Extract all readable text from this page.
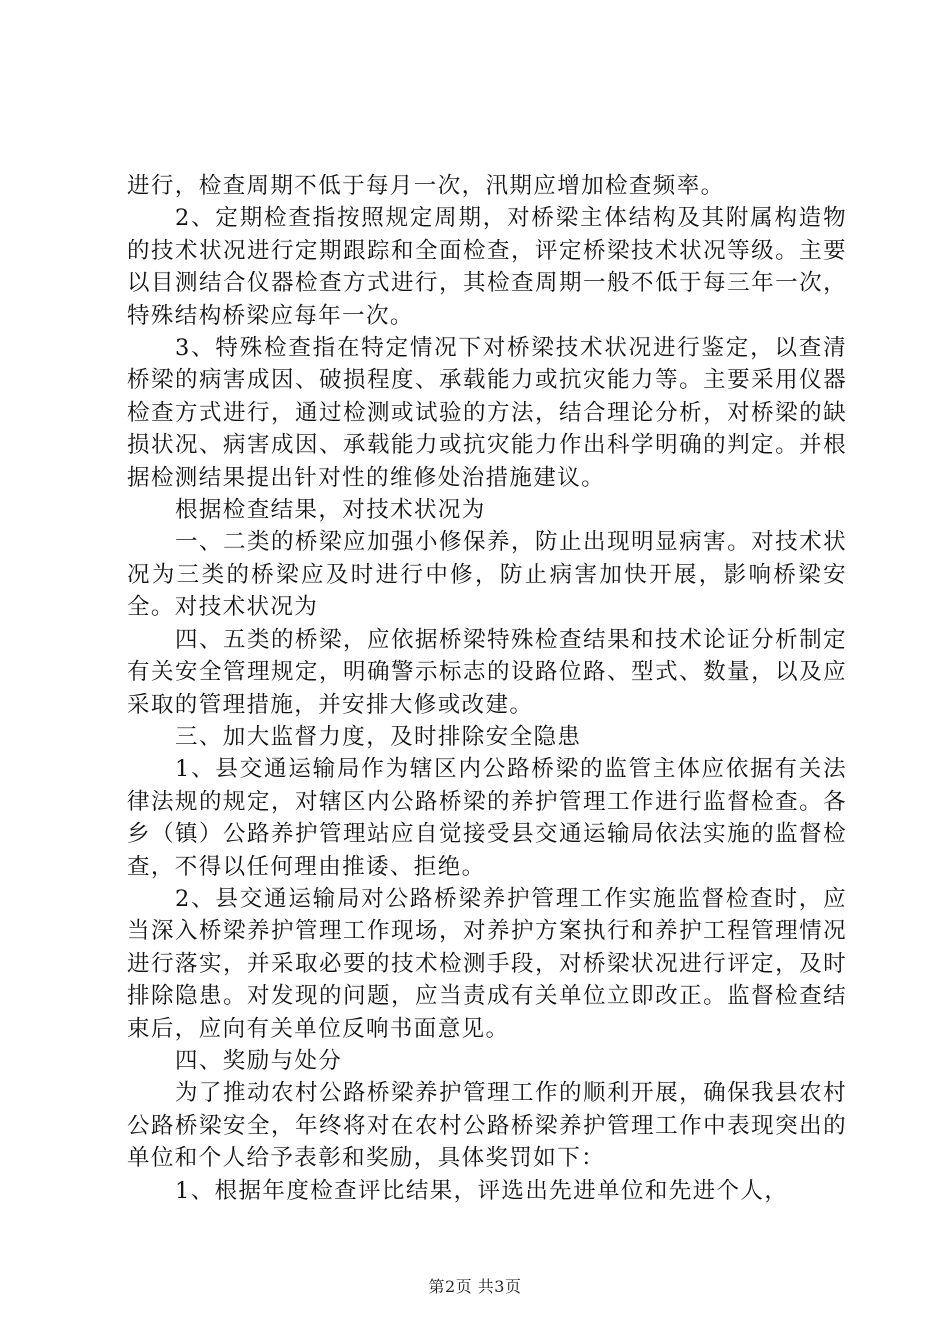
进行，检查周期不低于每月一次，汛期应增加检查频率。

2、定期检查指按照规定周期，对桥梁主体结构及其附属构造物的技术状况进行定期跟踪和全面检查，评定桥梁技术状况等级。主要以目测结合仪器检查方式进行，其检查周期一般不低于每三年一次，特殊结构桥梁应每年一次。

3、特殊检查指在特定情况下对桥梁技术状况进行鉴定，以查清桥梁的病害成因、破损程度、承载能力或抗灾能力等。主要采用仪器检查方式进行，通过检测或试验的方法，结合理论分析，对桥梁的缺损状况、病害成因、承载能力或抗灾能力作出科学明确的判定。并根据检测结果提出针对性的维修处治措施建议。

根据检查结果，对技术状况为

一、二类的桥梁应加强小修保养，防止出现明显病害。对技术状况为三类的桥梁应及时进行中修，防止病害加快开展，影响桥梁安全。对技术状况为

四、五类的桥梁，应依据桥梁特殊检查结果和技术论证分析制定有关安全管理规定，明确警示标志的设路位路、型式、数量，以及应采取的管理措施，并安排大修或改建。

三、加大监督力度，及时排除安全隐患

1、县交通运输局作为辖区内公路桥梁的监管主体应依据有关法律法规的规定，对辖区内公路桥梁的养护管理工作进行监督检查。各乡（镇）公路养护管理站应自觉接受县交通运输局依法实施的监督检查，不得以任何理由推诿、拒绝。

2、县交通运输局对公路桥梁养护管理工作实施监督检查时，应当深入桥梁养护管理工作现场，对养护方案执行和养护工程管理情况进行落实，并采取必要的技术检测手段，对桥梁状况进行评定，及时排除隐患。对发现的问题，应当责成有关单位立即改正。监督检查结束后，应向有关单位反响书面意见。

四、奖励与处分

为了推动农村公路桥梁养护管理工作的顺利开展，确保我县农村公路桥梁安全，年终将对在农村公路桥梁养护管理工作中表现突出的单位和个人给予表彰和奖励，具体奖罚如下：

1、根据年度检查评比结果，评选出先进单位和先进个人，

第2页 共3页
